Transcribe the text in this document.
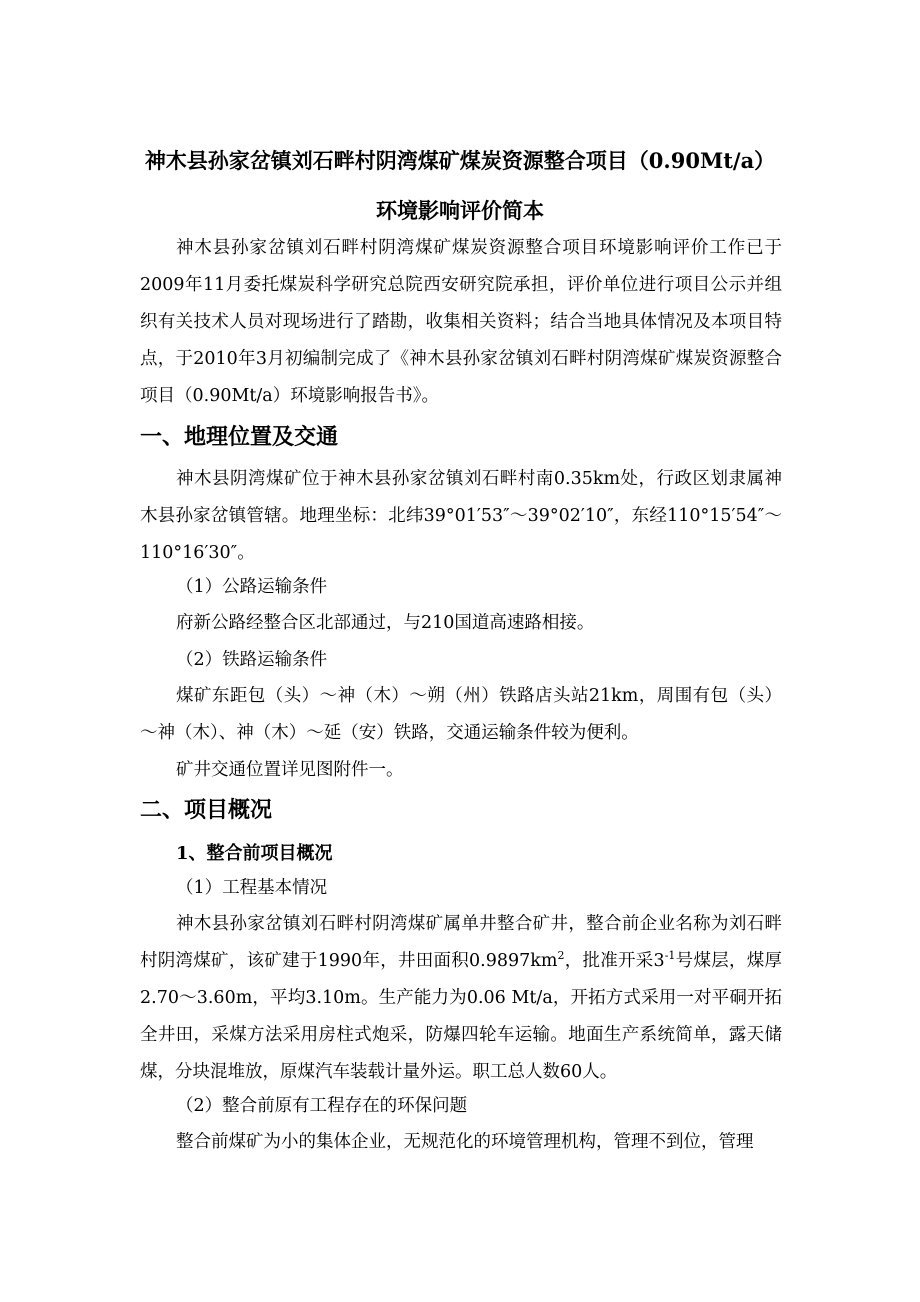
神木县孙家岔镇刘石畔村阴湾煤矿煤炭资源整合项目（0.90Mt/a）
环境影响评价简本

神木县孙家岔镇刘石畔村阴湾煤矿煤炭资源整合项目环境影响评价工作已于2009年11月委托煤炭科学研究总院西安研究院承担，评价单位进行项目公示并组织有关技术人员对现场进行了踏勘，收集相关资料；结合当地具体情况及本项目特点，于2010年3月初编制完成了《神木县孙家岔镇刘石畔村阴湾煤矿煤炭资源整合项目（0.90Mt/a）环境影响报告书》。

一、地理位置及交通

神木县阴湾煤矿位于神木县孙家岔镇刘石畔村南0.35km处，行政区划隶属神木县孙家岔镇管辖。地理坐标：北纬39°01′53″～39°02′10″，东经110°15′54″～110°16′30″。

（1）公路运输条件

府新公路经整合区北部通过，与210国道高速路相接。

（2）铁路运输条件

煤矿东距包（头）～神（木）～朔（州）铁路店头站21km，周围有包（头）～神（木）、神（木）～延（安）铁路，交通运输条件较为便利。

矿井交通位置详见图附件一。

二、项目概况
1、整合前项目概况
（1）工程基本情况

神木县孙家岔镇刘石畔村阴湾煤矿属单井整合矿井，整合前企业名称为刘石畔村阴湾煤矿，该矿建于1990年，井田面积$0.9897km^2$，批准开采$3^{-1}$号煤层，煤厚2.70～3.60m，平均3.10m。生产能力为0.06 Mt/a，开拓方式采用一对平硐开拓全井田，采煤方法采用房柱式炮采，防爆四轮车运输。地面生产系统简单，露天储煤，分块混堆放，原煤汽车装载计量外运。职工总人数60人。

（2）整合前原有工程存在的环保问题

整合前煤矿为小的集体企业，无规范化的环境管理机构，管理不到位，管理
